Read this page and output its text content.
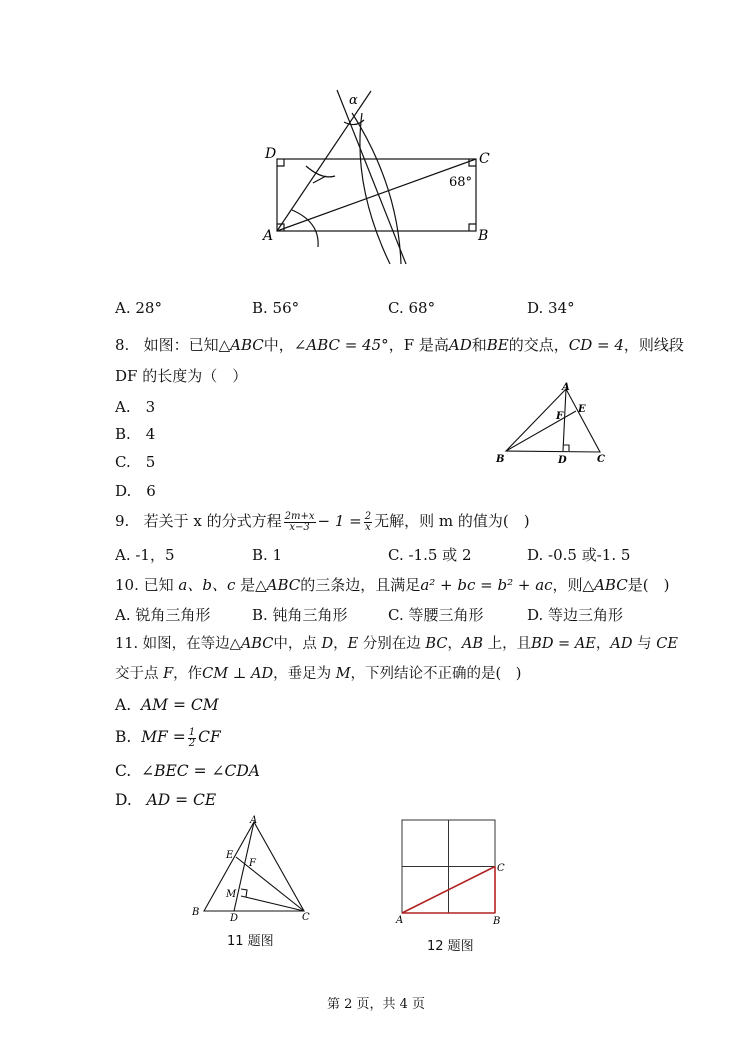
α
D	C
A	B
68°
A. 28°	B. 56°	C. 68°	D. 34°
8. 如图：已知△ABC中，∠ABC = 45°，F 是高AD和BE的交点，CD = 4，则线段
DF 的长度为（　）
A.　3
B.　4
C.　5
D.　6
A
E
F
B	D	C
9. 若关于 x 的分式方程 $\frac{2m+x}{x-3} - 1 = \frac{2}{x}$ 无解，则 m 的值为(　)
A. -1，5	B. 1	C. -1.5 或 2	D. -0.5 或-1. 5
10. 已知 a、b、c 是△ABC的三条边，且满足a² + bc = b² + ac，则△ABC是(　)
A. 锐角三角形	B. 钝角三角形	C. 等腰三角形	D. 等边三角形
11. 如图，在等边△ABC中，点 D，E 分别在边 BC，AB 上，且BD = AE，AD 与 CE
交于点 F，作CM ⊥ AD，垂足为 M，下列结论不正确的是(　)
A. AM = CM
B. MF = $\frac{1}{2}$ CF
C. ∠BEC = ∠CDA
D. AD = CE
A
E
F
M
B
D	C
11 题图
C
A	B
12 题图
第 2 页，共 4 页
